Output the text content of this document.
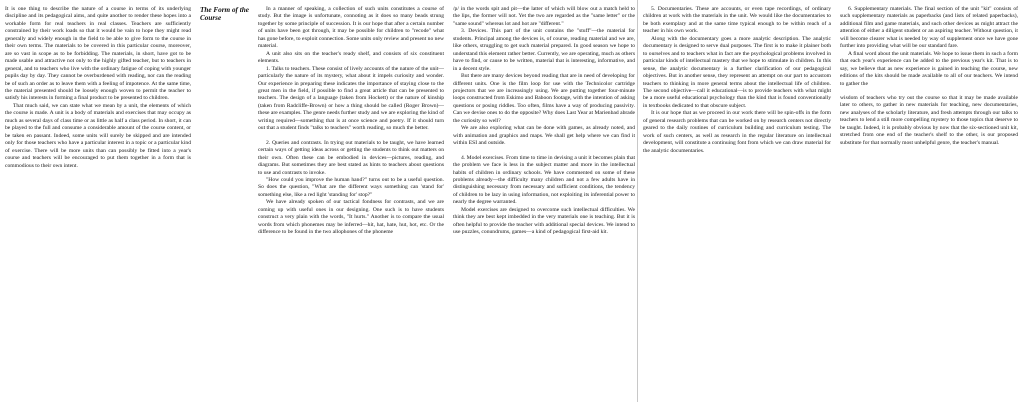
It is one thing to describe the nature of a course in terms of its underlying discipline and its pedagogical aims, and quite another to render these hopes into a workable form for real teachers in real classes. Teachers are sufficiently constrained by their work loads so that it would be vain to hope they might read generally and widely enough in the field to be able to give form to the course in their own terms. The materials to be covered in this particular course, moreover, are so vast in scope as to be forbidding. The materials, in short, have got to be made usable and attractive not only to the highly gifted teacher, but to teachers in general, and to teachers who live with the ordinary fatigue of coping with younger pupils day by day. They cannot be overburdened with reading, nor can the reading be of such an order as to leave them with a feeling of impotence. At the same time, the material presented should be loosely enough woven to permit the teacher to satisfy his interests in forming a final product to be presented to children.

That much said, we can state what we mean by a unit, the elements of which the course is made. A unit is a body of materials and exercises that may occupy as much as several days of class time or as little as half a class period. In short, it can be played to the full and consume a considerable amount of the course content, or be taken en passant. Indeed, some units will surely be skipped and are intended only for those teachers who have a particular interest in a topic or a particular kind of exercise. There will be more units than can possibly be fitted into a year's course and teachers will be encouraged to put them together in a form that is commodious to their own intent.

The Form of the Course

In a manner of speaking, a collection of such units constitutes a course of study. But the image is unfortunate, connoting as it does so many beads strung together by some principle of succession. It is our hope that after a certain number of units have been got through, it may be possible for children to "recode" what has gone before, to exploit connection. Some units only review and present no new material.

A unit also sits on the teacher's ready shelf, and consists of six constituent elements.

1. Talks to teachers. These consist of lively accounts of the nature of the unit—particularly the nature of its mystery, what about it impels curiosity and wonder. Our experience in preparing these indicates the importance of staying close to the great men in the field, if possible to find a great article that can be presented to teachers. The design of a language (taken from Hockett) or the nature of kinship (taken from Radcliffe-Brown) or how a thing should be called (Roger Brown)—these are examples. The genre needs further study and we are exploring the kind of writing required—something that is at once science and poetry. If it should turn out that a student finds "talks to teachers" worth reading, so much the better.

2. Queries and contrasts. In trying out materials to be taught, we have learned certain ways of getting ideas across or getting the students to think out matters on their own. Often these can be embodied in devices—pictures, reading, and diagrams. But sometimes they are best stated as hints to teachers about questions to use and contrasts to invoke.

"How could you improve the human hand?" turns out to be a useful question. So does the question, "What are the different ways something can 'stand for' something else, like a red light 'standing for' stop?"

We have already spoken of our tactical fondness for contrasts, and we are coming up with useful ones in our designing. One such is to have students construct a very plain with the words, "It hurts." Another is to compare the usual words from which phonemes may be inferred—hit, hat, hate, hut, hot, etc. Or the difference to be found in the two allophones of the phoneme

/p/ in the words spit and pit—the latter of which will blow out a match held to the lips, the former will not. Yet the two are regarded as the "same letter" or the "same sound" whereas lot and hot are "different."

3. Devices. This part of the unit contains the "stuff"—the material for students. Principal among the devices is, of course, reading material and we are, like others, struggling to get such material prepared. In good season we hope to understand this element rather better. Currently, we are operating, much as others have to find, or cause to be written, material that is interesting, informative, and in a decent style.

But there are many devices beyond reading that are in need of developing for different units. One is the film loop for use with the Technicolor cartridge projectors that we are increasingly using. We are putting together four-minute loops constructed from Eskimo and Baboon footage, with the intention of asking questions or posing riddles. Too often, films have a way of producing passivity. Can we devise ones to do the opposite? Why does Last Year at Marienbad abrade the curiosity so well?

We are also exploring what can be done with games, as already noted, and with animation and graphics and maps. We shall get help where we can find it within ESI and outside.

4. Model exercises. From time to time in devising a unit it becomes plain that the problem we face is less in the subject matter and more in the intellectual habits of children in ordinary schools. We have commented on some of these problems already—the difficulty many children and not a few adults have in distinguishing necessary from necessary and sufficient conditions, the tendency of children to be lazy in using information, not exploiting its inferential power to nearly the degree warranted.

Model exercises are designed to overcome such intellectual difficulties. We think they are best kept imbedded in the very materials one is teaching. But it is often helpful to provide the teacher with additional special devices. We intend to use puzzles, conundrums, games—a kind of pedagogical first-aid kit.

5. Documentaries. These are accounts, or even tape recordings, of ordinary children at work with the materials in the unit. We would like the documentaries to be both exemplary and at the same time typical enough to be within reach of a teacher in his own work.

Along with the documentary goes a more analytic description. The analytic documentary is designed to serve dual purposes. The first is to make it plainer both to ourselves and to teachers what in fact are the psychological problems involved in particular kinds of intellectual mastery that we hope to stimulate in children. In this sense, the analytic documentary is a further clarification of our pedagogical objectives. But in another sense, they represent an attempt on our part to accustom teachers to thinking in more general terms about the intellectual life of children. The second objective—call it educational—is to provide teachers with what might be a more useful educational psychology than the kind that is found conventionally in textbooks dedicated to that obscure subject.

It is our hope that as we proceed in our work there will be spin-offs in the form of general research problems that can be worked on by research centers not directly geared to the daily routines of curriculum building and curriculum testing. The work of such centers, as well as research in the regular literature on intellectual development, will constitute a continuing font from which we can draw material for the analytic documentaries.

6. Supplementary materials. The final section of the unit "kit" consists of such supplementary materials as paperbacks (and lists of related paperbacks), additional film and game materials, and such other devices as might attract the attention of either a diligent student or an aspiring teacher. Without question, it will become clearer what is needed by way of supplement once we have gone further into providing what will be our standard fare.

A final word about the unit materials. We hope to issue them in such a form that each year's experience can be added to the previous year's kit. That is to say, we believe that as new experience is gained in teaching the course, new editions of the kits should be made available to all of our teachers. We intend to gather the

wisdom of teachers who try out the course so that it may be made available later to others, to gather in new materials for teaching, new documentaries, new analyses of the scholarly literature, and fresh attempts through our talks to teachers to lend a still more compelling mystery to those topics that deserve to be taught. Indeed, it is probably obvious by now that the six-sectioned unit kit, stretched from one end of the teacher's shelf to the other, is our proposed substitute for that normally most unhelpful genre, the teacher's manual.
